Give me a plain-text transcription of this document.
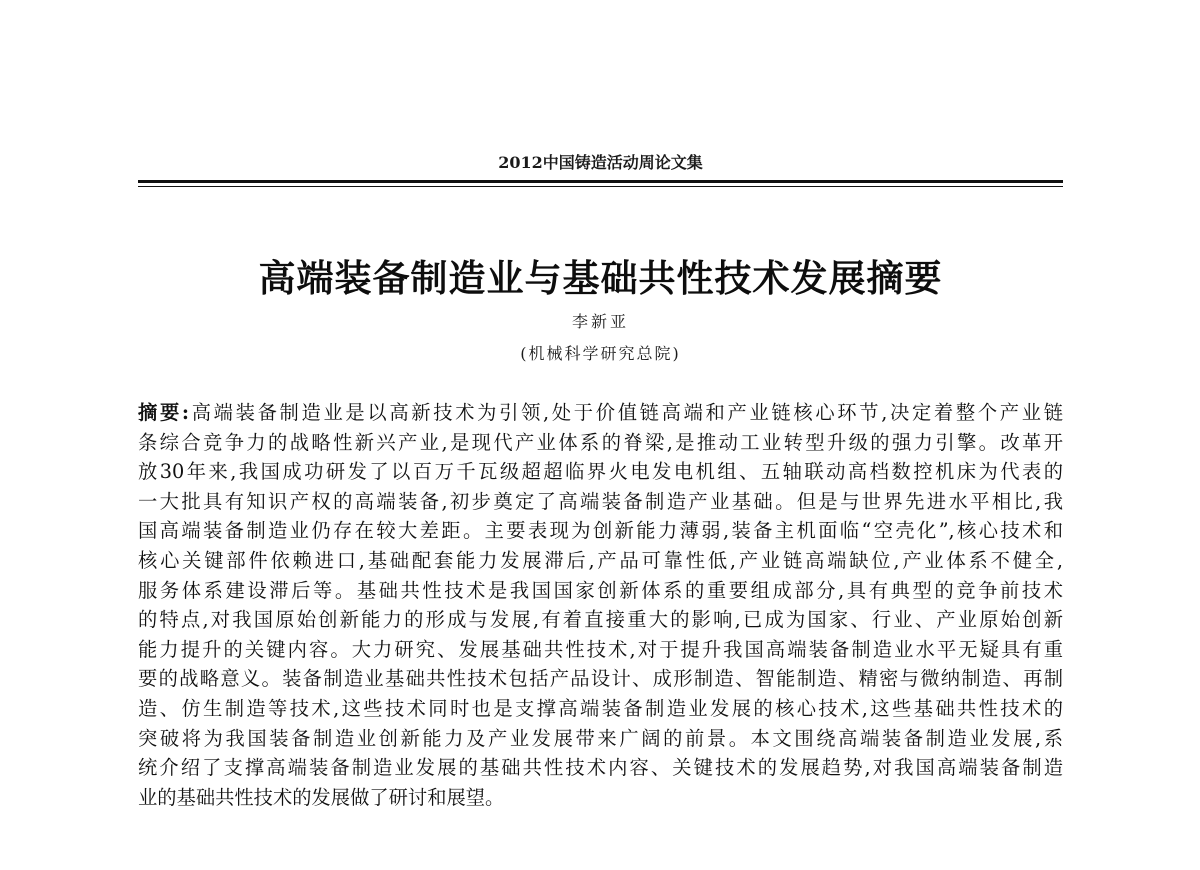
2012中国铸造活动周论文集
高端装备制造业与基础共性技术发展摘要
李新亚
(机械科学研究总院)
摘要:高端装备制造业是以高新技术为引领,处于价值链高端和产业链核心环节,决定着整个产业链
条综合竞争力的战略性新兴产业,是现代产业体系的脊梁,是推动工业转型升级的强力引擎。改革开
放30年来,我国成功研发了以百万千瓦级超超临界火电发电机组、五轴联动高档数控机床为代表的
一大批具有知识产权的高端装备,初步奠定了高端装备制造产业基础。但是与世界先进水平相比,我
国高端装备制造业仍存在较大差距。主要表现为创新能力薄弱,装备主机面临“空壳化”,核心技术和
核心关键部件依赖进口,基础配套能力发展滞后,产品可靠性低,产业链高端缺位,产业体系不健全,
服务体系建设滞后等。基础共性技术是我国国家创新体系的重要组成部分,具有典型的竞争前技术
的特点,对我国原始创新能力的形成与发展,有着直接重大的影响,已成为国家、行业、产业原始创新
能力提升的关键内容。大力研究、发展基础共性技术,对于提升我国高端装备制造业水平无疑具有重
要的战略意义。装备制造业基础共性技术包括产品设计、成形制造、智能制造、精密与微纳制造、再制
造、仿生制造等技术,这些技术同时也是支撑高端装备制造业发展的核心技术,这些基础共性技术的
突破将为我国装备制造业创新能力及产业发展带来广阔的前景。本文围绕高端装备制造业发展,系
统介绍了支撑高端装备制造业发展的基础共性技术内容、关键技术的发展趋势,对我国高端装备制造
业的基础共性技术的发展做了研讨和展望。
